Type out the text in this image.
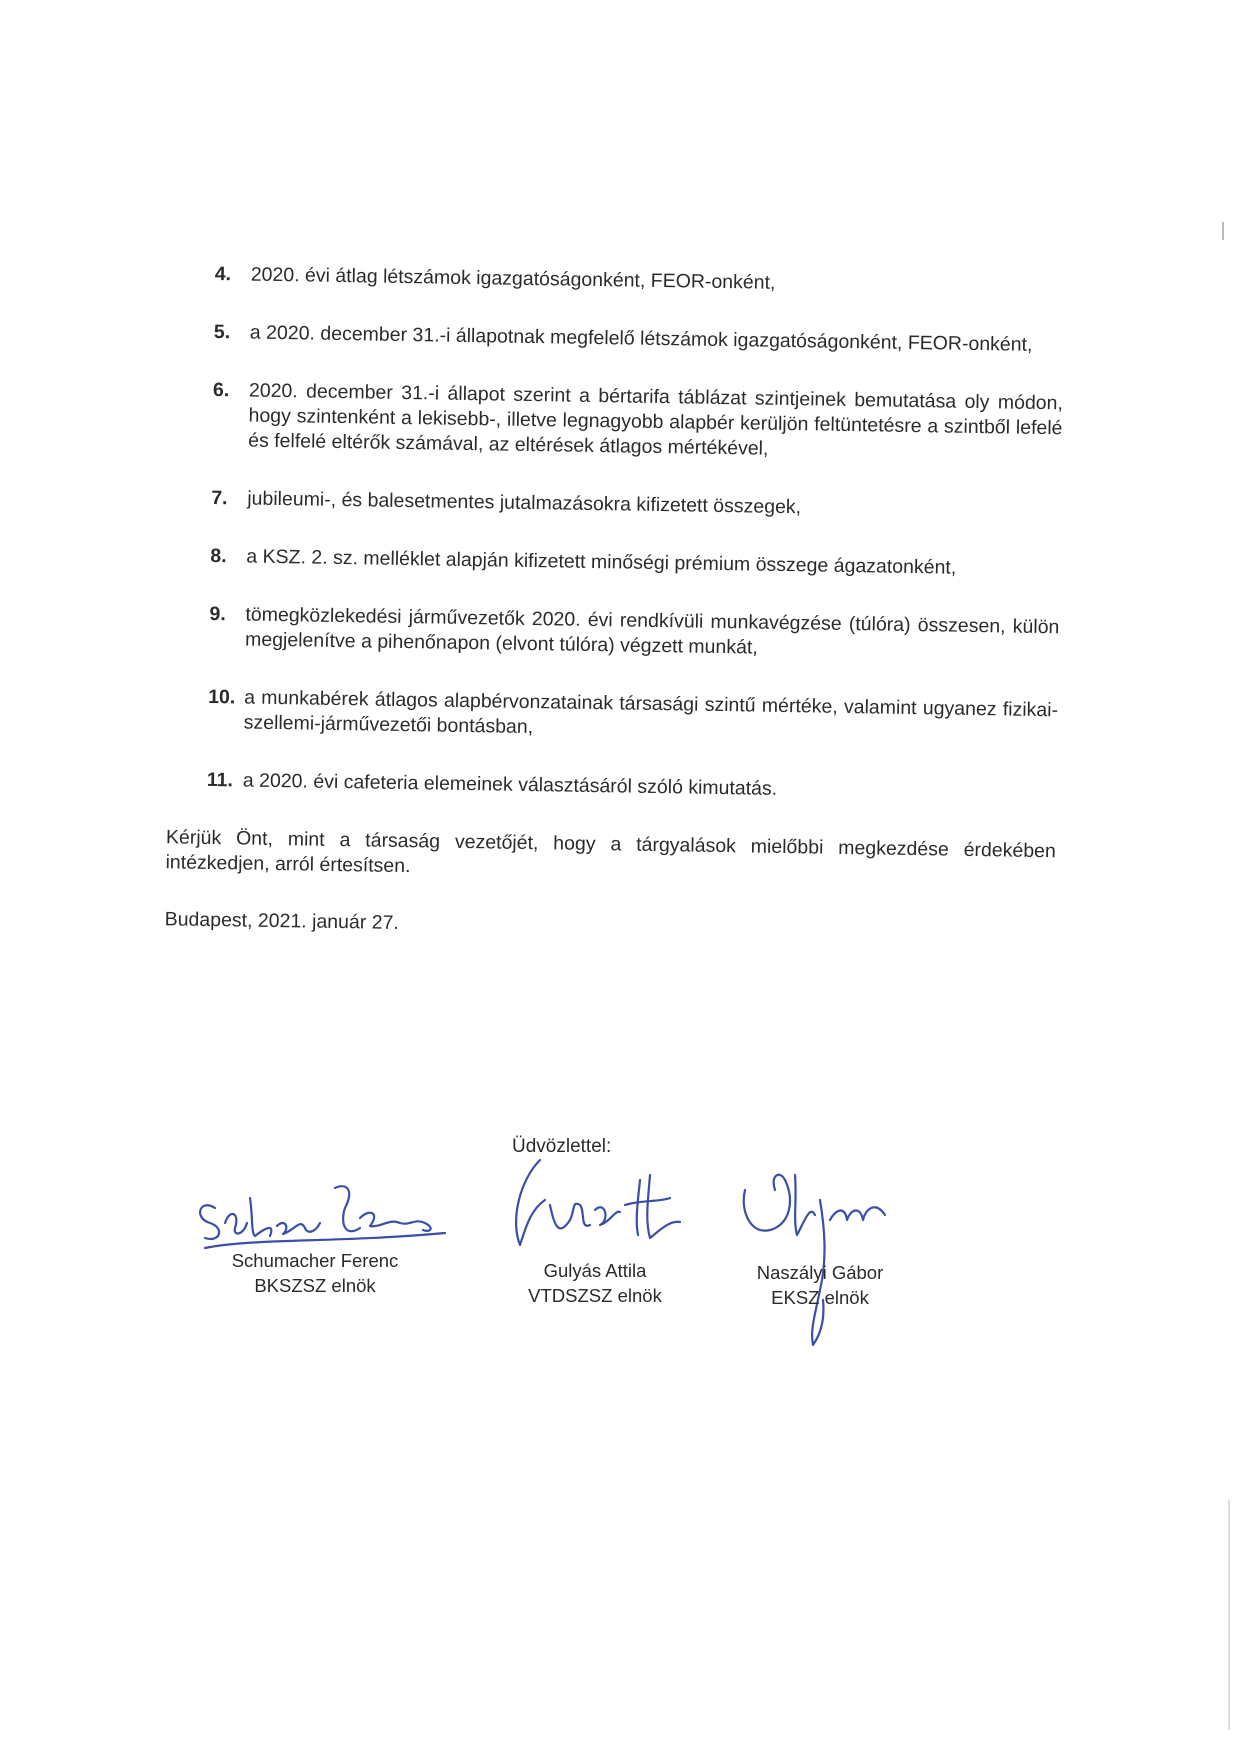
4. 2020. évi átlag létszámok igazgatóságonként, FEOR-onként,
5. a 2020. december 31.-i állapotnak megfelelő létszámok igazgatóságonként, FEOR-onként,
6. 2020. december 31.-i állapot szerint a bértarifa táblázat szintjeinek bemutatása oly módon, hogy szintenként a lekisebb-, illetve legnagyobb alapbér kerüljön feltüntetésre a szintből lefelé és felfelé eltérők számával, az eltérések átlagos mértékével,
7. jubileumi-, és balesetmentes jutalmazásokra kifizetett összegek,
8. a KSZ. 2. sz. melléklet alapján kifizetett minőségi prémium összege ágazatonként,
9. tömegközlekedési járművezetők 2020. évi rendkívüli munkavégzése (túlóra) összesen, külön megjelenítve a pihenőnapon (elvont túlóra) végzett munkát,
10. a munkabérek átlagos alapbérvonzatainak társasági szintű mértéke, valamint ugyanez fizikai-szellemi-járművezetői bontásban,
11. a 2020. évi cafeteria elemeinek választásáról szóló kimutatás.

Kérjük Önt, mint a társaság vezetőjét, hogy a tárgyalások mielőbbi megkezdése érdekében intézkedjen, arról értesítsen.

Budapest, 2021. január 27.

Üdvözlettel:
Schumacher Ferenc
BKSZSZ elnök
Gulyás Attila
VTDSZSZ elnök
Naszályi Gábor
EKSZ elnök
